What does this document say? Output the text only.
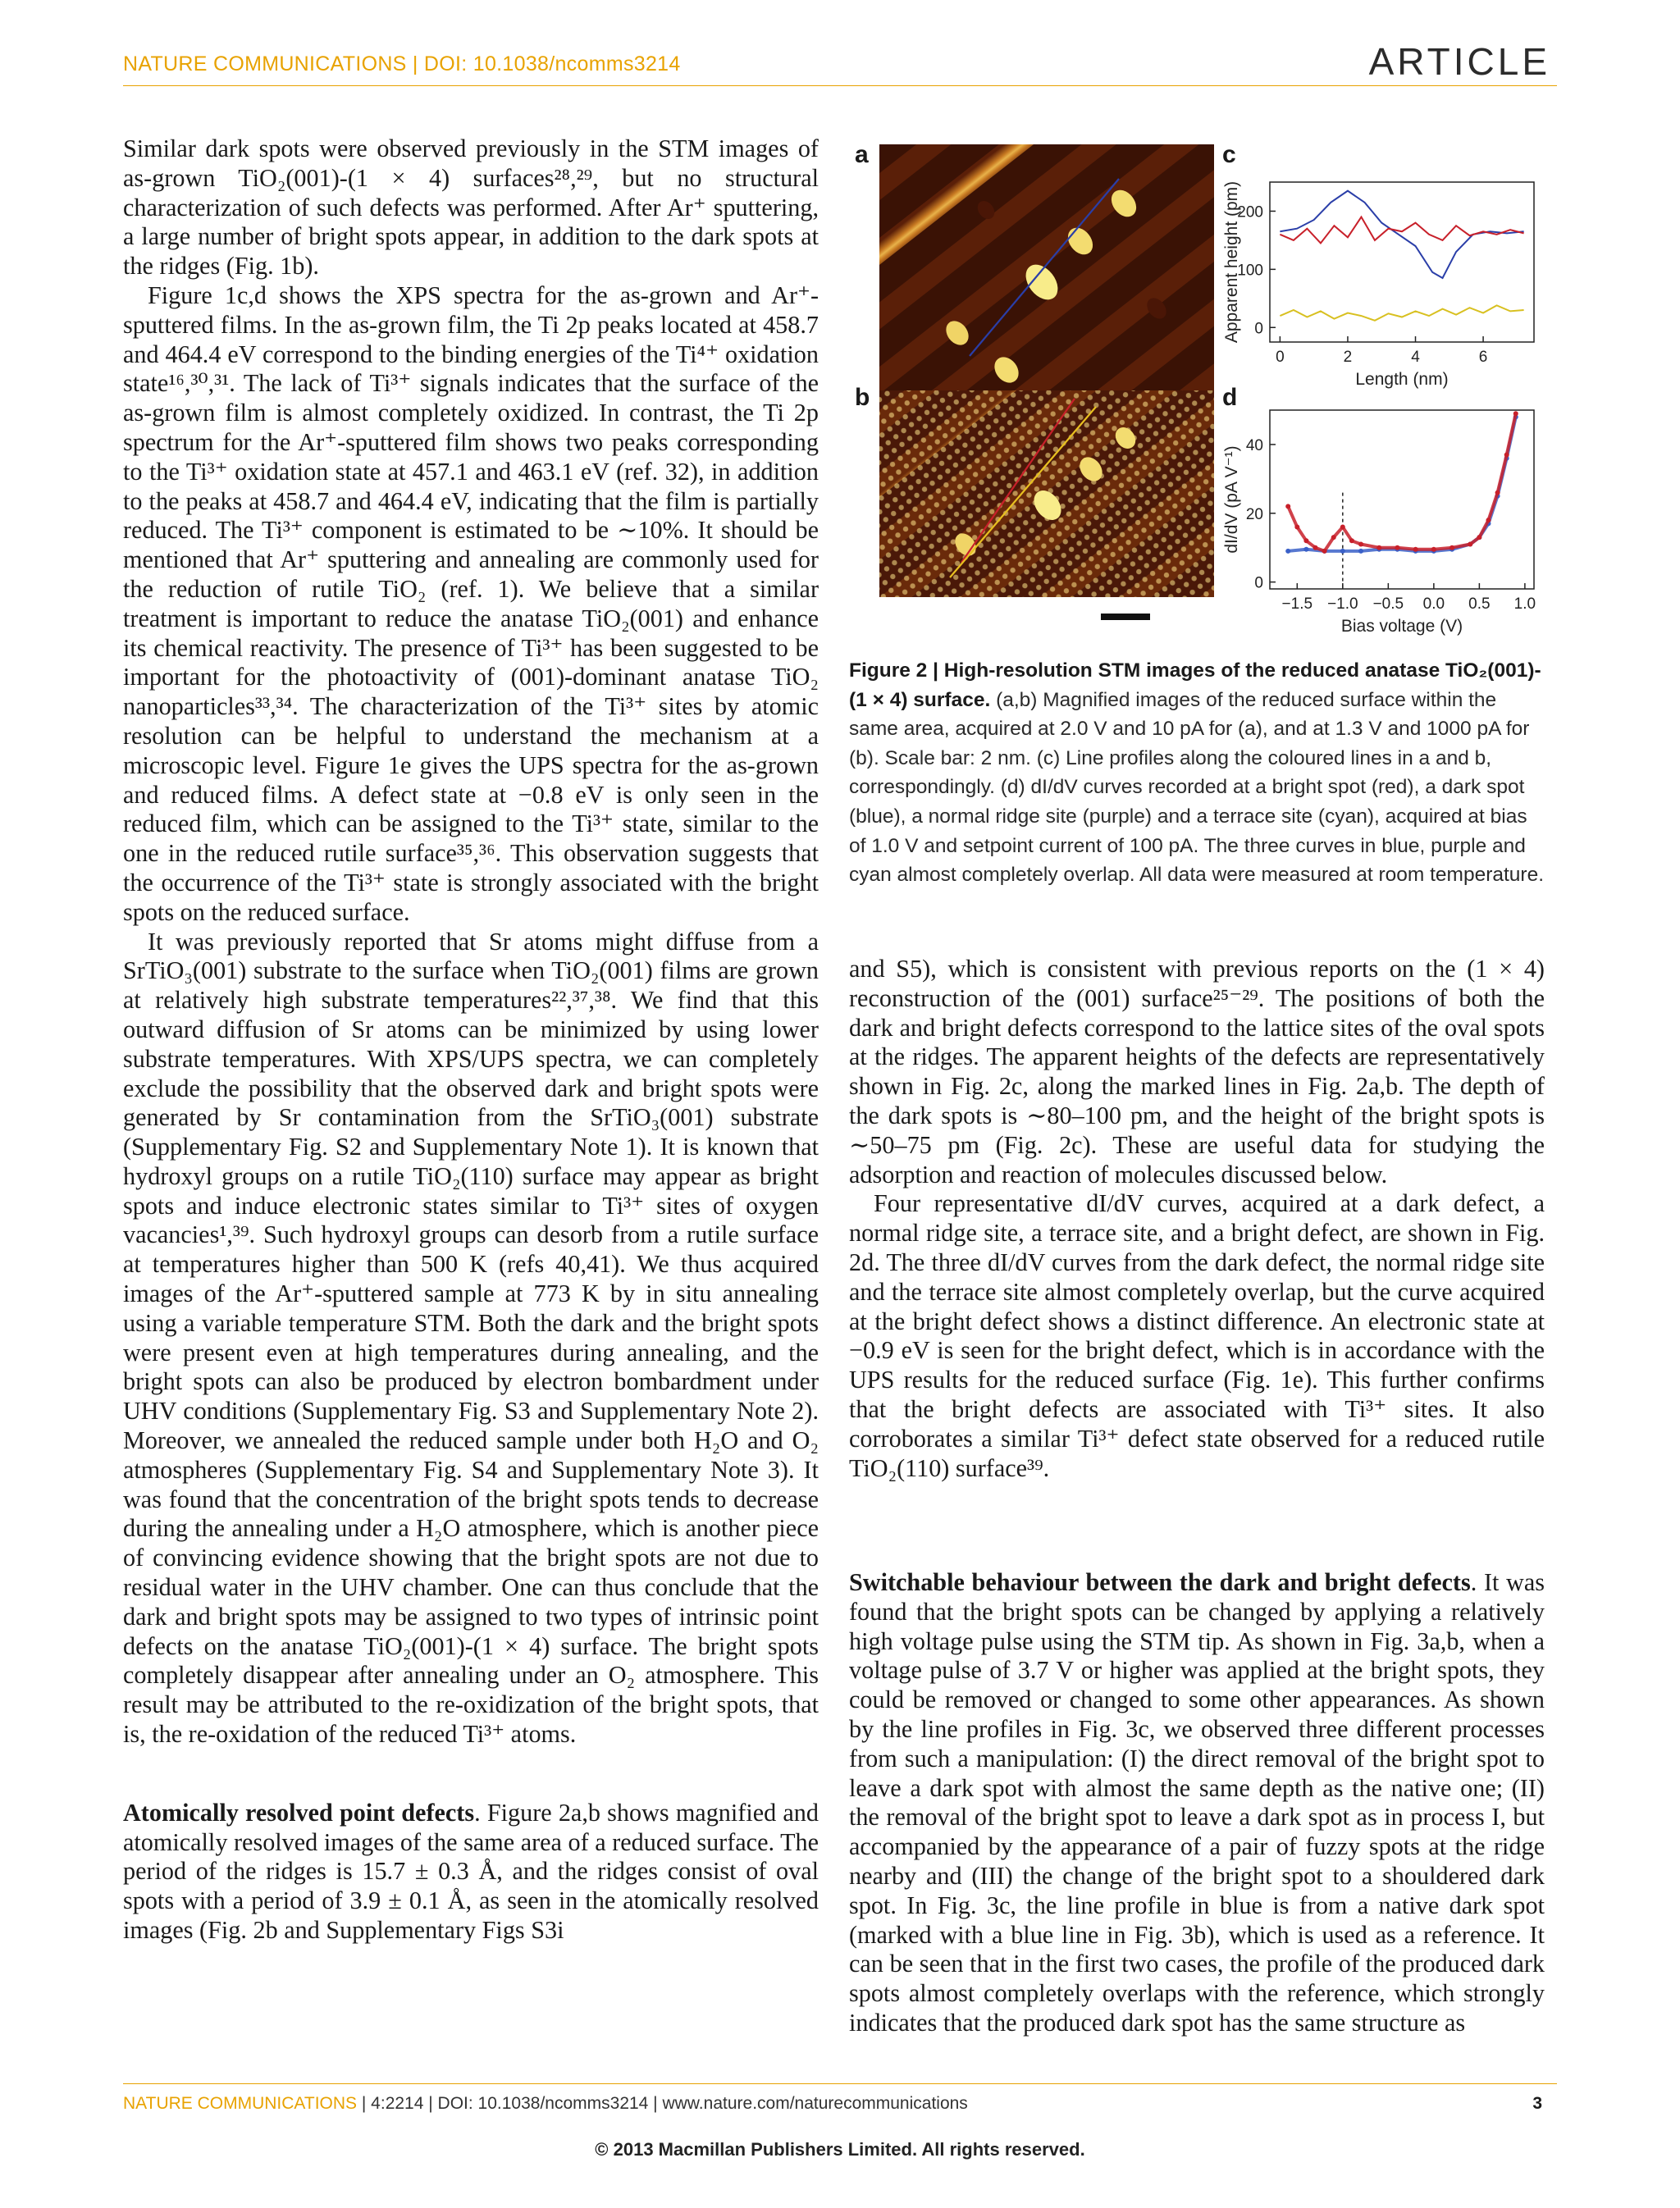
NATURE COMMUNICATIONS | DOI: 10.1038/ncomms3214	ARTICLE

Similar dark spots were observed previously in the STM images of as-grown TiO₂(001)-(1 × 4) surfaces²⁸,²⁹, but no structural characterization of such defects was performed. After Ar⁺ sputtering, a large number of bright spots appear, in addition to the dark spots at the ridges (Fig. 1b).

Figure 1c,d shows the XPS spectra for the as-grown and Ar⁺-sputtered films. In the as-grown film, the Ti 2p peaks located at 458.7 and 464.4 eV correspond to the binding energies of the Ti⁴⁺ oxidation state¹⁶,³⁰,³¹. The lack of Ti³⁺ signals indicates that the surface of the as-grown film is almost completely oxidized. In contrast, the Ti 2p spectrum for the Ar⁺-sputtered film shows two peaks corresponding to the Ti³⁺ oxidation state at 457.1 and 463.1 eV (ref. 32), in addition to the peaks at 458.7 and 464.4 eV, indicating that the film is partially reduced. The Ti³⁺ component is estimated to be ∼10%. It should be mentioned that Ar⁺ sputtering and annealing are commonly used for the reduction of rutile TiO₂ (ref. 1). We believe that a similar treatment is important to reduce the anatase TiO₂(001) and enhance its chemical reactivity. The presence of Ti³⁺ has been suggested to be important for the photoactivity of (001)-dominant anatase TiO₂ nanoparticles³³,³⁴. The characterization of the Ti³⁺ sites by atomic resolution can be helpful to understand the mechanism at a microscopic level. Figure 1e gives the UPS spectra for the as-grown and reduced films. A defect state at −0.8 eV is only seen in the reduced film, which can be assigned to the Ti³⁺ state, similar to the one in the reduced rutile surface³⁵,³⁶. This observation suggests that the occurrence of the Ti³⁺ state is strongly associated with the bright spots on the reduced surface.

It was previously reported that Sr atoms might diffuse from a SrTiO₃(001) substrate to the surface when TiO₂(001) films are grown at relatively high substrate temperatures²²,³⁷,³⁸. We find that this outward diffusion of Sr atoms can be minimized by using lower substrate temperatures. With XPS/UPS spectra, we can completely exclude the possibility that the observed dark and bright spots were generated by Sr contamination from the SrTiO₃(001) substrate (Supplementary Fig. S2 and Supplementary Note 1). It is known that hydroxyl groups on a rutile TiO₂(110) surface may appear as bright spots and induce electronic states similar to Ti³⁺ sites of oxygen vacancies¹,³⁹. Such hydroxyl groups can desorb from a rutile surface at temperatures higher than 500 K (refs 40,41). We thus acquired images of the Ar⁺-sputtered sample at 773 K by in situ annealing using a variable temperature STM. Both the dark and the bright spots were present even at high temperatures during annealing, and the bright spots can also be produced by electron bombardment under UHV conditions (Supplementary Fig. S3 and Supplementary Note 2). Moreover, we annealed the reduced sample under both H₂O and O₂ atmospheres (Supplementary Fig. S4 and Supplementary Note 3). It was found that the concentration of the bright spots tends to decrease during the annealing under a H₂O atmosphere, which is another piece of convincing evidence showing that the bright spots are not due to residual water in the UHV chamber. One can thus conclude that the dark and bright spots may be assigned to two types of intrinsic point defects on the anatase TiO₂(001)-(1 × 4) surface. The bright spots completely disappear after annealing under an O₂ atmosphere. This result may be attributed to the re-oxidization of the bright spots, that is, the re-oxidation of the reduced Ti³⁺ atoms.

Atomically resolved point defects. Figure 2a,b shows magnified and atomically resolved images of the same area of a reduced surface. The period of the ridges is 15.7 ± 0.3 Å, and the ridges consist of oval spots with a period of 3.9 ± 0.1 Å, as seen in the atomically resolved images (Fig. 2b and Supplementary Figs S3i

a
b
c
d
0	2	4	6
0
100
200
Length (nm)
Apparent height (pm)
−1.5 −1.0 −0.5 0.0 0.5 1.0
0
20
40
Bias voltage (V)
dI/dV (pA V⁻¹)
Figure 2 | High-resolution STM images of the reduced anatase TiO₂(001)-(1 × 4) surface. (a,b) Magnified images of the reduced surface within the same area, acquired at 2.0 V and 10 pA for (a), and at 1.3 V and 1000 pA for (b). Scale bar: 2 nm. (c) Line profiles along the coloured lines in a and b, correspondingly. (d) dI/dV curves recorded at a bright spot (red), a dark spot (blue), a normal ridge site (purple) and a terrace site (cyan), acquired at bias of 1.0 V and setpoint current of 100 pA. The three curves in blue, purple and cyan almost completely overlap. All data were measured at room temperature.

and S5), which is consistent with previous reports on the (1 × 4) reconstruction of the (001) surface²⁵⁻²⁹. The positions of both the dark and bright defects correspond to the lattice sites of the oval spots at the ridges. The apparent heights of the defects are representatively shown in Fig. 2c, along the marked lines in Fig. 2a,b. The depth of the dark spots is ∼80–100 pm, and the height of the bright spots is ∼50–75 pm (Fig. 2c). These are useful data for studying the adsorption and reaction of molecules discussed below.

Four representative dI/dV curves, acquired at a dark defect, a normal ridge site, a terrace site, and a bright defect, are shown in Fig. 2d. The three dI/dV curves from the dark defect, the normal ridge site and the terrace site almost completely overlap, but the curve acquired at the bright defect shows a distinct difference. An electronic state at −0.9 eV is seen for the bright defect, which is in accordance with the UPS results for the reduced surface (Fig. 1e). This further confirms that the bright defects are associated with Ti³⁺ sites. It also corroborates a similar Ti³⁺ defect state observed for a reduced rutile TiO₂(110) surface³⁹.

Switchable behaviour between the dark and bright defects. It was found that the bright spots can be changed by applying a relatively high voltage pulse using the STM tip. As shown in Fig. 3a,b, when a voltage pulse of 3.7 V or higher was applied at the bright spots, they could be removed or changed to some other appearances. As shown by the line profiles in Fig. 3c, we observed three different processes from such a manipulation: (I) the direct removal of the bright spot to leave a dark spot with almost the same depth as the native one; (II) the removal of the bright spot to leave a dark spot as in process I, but accompanied by the appearance of a pair of fuzzy spots at the ridge nearby and (III) the change of the bright spot to a shouldered dark spot. In Fig. 3c, the line profile in blue is from a native dark spot (marked with a blue line in Fig. 3b), which is used as a reference. It can be seen that in the first two cases, the profile of the produced dark spots almost completely overlaps with the reference, which strongly indicates that the produced dark spot has the same structure as

NATURE COMMUNICATIONS | 4:2214 | DOI: 10.1038/ncomms3214 | www.nature.com/naturecommunications	3
© 2013 Macmillan Publishers Limited. All rights reserved.
